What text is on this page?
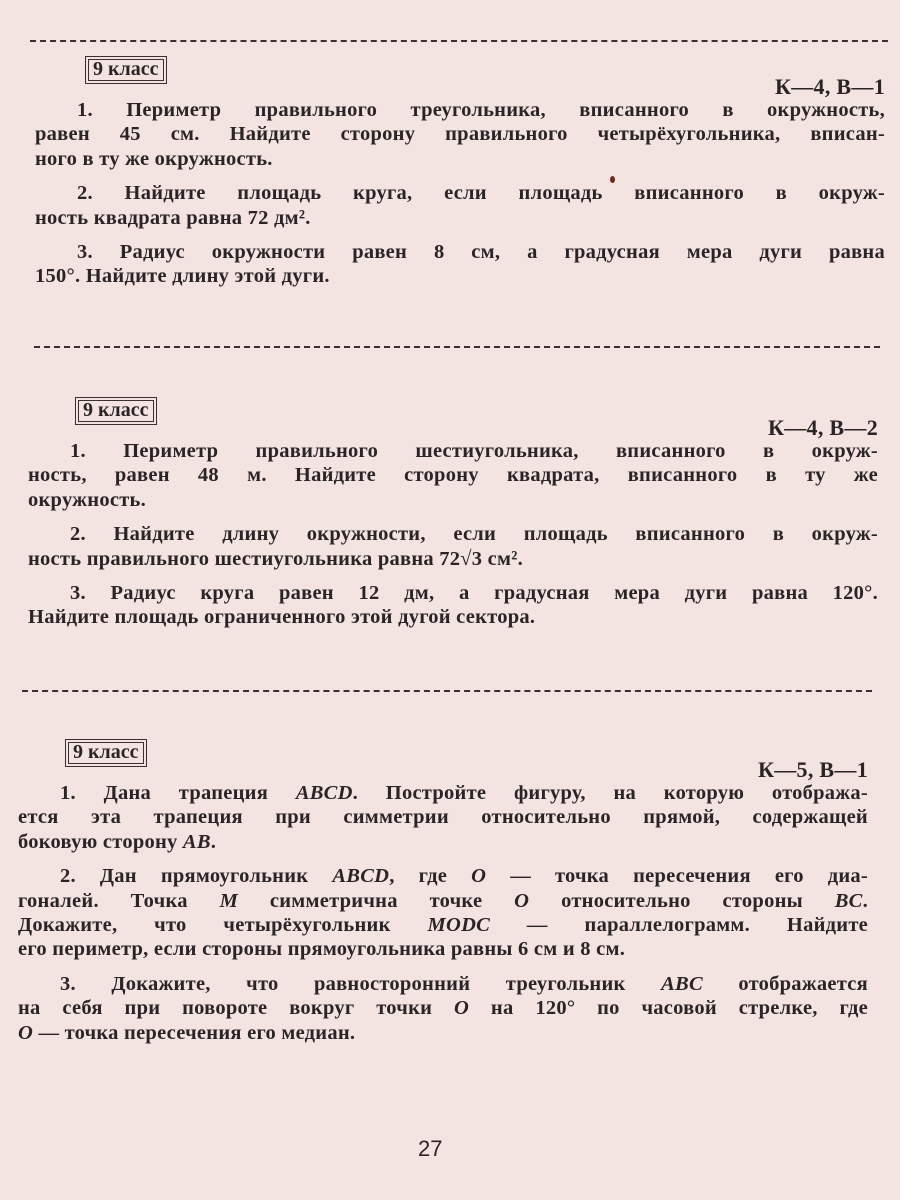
9 класс
К—4, В—1
1. Периметр правильного треугольника, вписанного в окружность,
равен 45 см. Найдите сторону правильного четырёхугольника, вписан-
ного в ту же окружность.
2. Найдите площадь круга, если площадь вписанного в окруж-
ность квадрата равна 72 дм².
3. Радиус окружности равен 8 см, а градусная мера дуги равна
150°. Найдите длину этой дуги.
9 класс
К—4, В—2
1. Периметр правильного шестиугольника, вписанного в окруж-
ность, равен 48 м. Найдите сторону квадрата, вписанного в ту же
окружность.
2. Найдите длину окружности, если площадь вписанного в окруж-
ность правильного шестиугольника равна 72√3 см².
3. Радиус круга равен 12 дм, а градусная мера дуги равна 120°.
Найдите площадь ограниченного этой дугой сектора.
9 класс
К—5, В—1
1. Дана трапеция ABCD. Постройте фигуру, на которую отобража-
ется эта трапеция при симметрии относительно прямой, содержащей
боковую сторону AB.
2. Дан прямоугольник ABCD, где O — точка пересечения его диа-
гоналей. Точка M симметрична точке O относительно стороны BC.
Докажите, что четырёхугольник MODC — параллелограмм. Найдите
его периметр, если стороны прямоугольника равны 6 см и 8 см.
3. Докажите, что равносторонний треугольник ABC отображается
на себя при повороте вокруг точки O на 120° по часовой стрелке, где
O — точка пересечения его медиан.
27
